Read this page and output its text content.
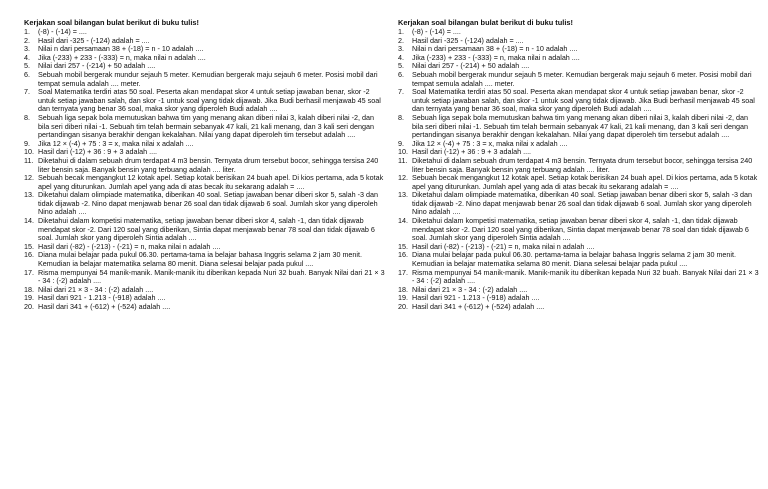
Kerjakan soal bilangan bulat berikut di buku tulis!
1.	(-8) - (-14) = ....
2.	Hasil dari -325 - (-124) adalah = ....
3.	Nilai n dari persamaan 38 + (-18) = n - 10 adalah ....
4.	Jika (-233) + 233 - (-333) = n, maka nilai n adalah ....
5.	Nilai dari 257 - (-214) + 50 adalah ....
6.	Sebuah mobil bergerak mundur sejauh 5 meter. Kemudian bergerak maju sejauh 6 meter. Posisi mobil dari tempat semula adalah .... meter.
7.	Soal Matematika terdiri atas 50 soal. Peserta akan mendapat skor 4 untuk setiap jawaban benar, skor -2 untuk setiap jawaban salah, dan skor -1 untuk soal yang tidak dijawab. Jika Budi berhasil menjawab 45 soal dan ternyata yang benar 36 soal, maka skor yang diperoleh Budi adalah ....
8.	Sebuah liga sepak bola memutuskan bahwa tim yang menang akan diberi nilai 3, kalah diberi nilai -2, dan bila seri diberi nilai -1. Sebuah tim telah bermain sebanyak 47 kali, 21 kali menang, dan 3 kali seri dengan pertandingan sisanya berakhir dengan kekalahan. Nilai yang dapat diperoleh tim tersebut adalah ....
9.	Jika 12 × (-4) + 75 : 3 = x, maka nilai x adalah ....
10. Hasil dari (-12) + 36 : 9 + 3 adalah ....
11. Diketahui di dalam sebuah drum terdapat 4 m3 bensin. Ternyata drum tersebut bocor, sehingga tersisa 240 liter bensin saja. Banyak bensin yang terbuang adalah .... liter.
12. Sebuah becak mengangkut 12 kotak apel. Setiap kotak berisikan 24 buah apel. Di kios pertama, ada 5 kotak apel yang diturunkan. Jumlah apel yang ada di atas becak itu sekarang adalah = ....
13. Diketahui dalam olimpiade matematika, diberikan 40 soal. Setiap jawaban benar diberi skor 5, salah -3 dan tidak dijawab -2. Nino dapat menjawab benar 26 soal dan tidak dijawab 6 soal. Jumlah skor yang diperoleh Nino adalah ....
14. Diketahui dalam kompetisi matematika, setiap jawaban benar diberi skor 4, salah -1, dan tidak dijawab mendapat skor -2. Dari 120 soal yang diberikan, Sintia dapat menjawab benar 78 soal dan tidak dijawab 6 soal. Jumlah skor yang diperoleh Sintia adalah ....
15. Hasil dari (-82) - (-213) - (-21) = n, maka nilai n adalah ....
16. Diana mulai belajar pada pukul 06.30. pertama-tama ia belajar bahasa Inggris selama 2 jam 30 menit. Kemudian ia belajar matematika selama 80 menit. Diana selesai belajar pada pukul ....
17. Risma mempunyai 54 manik-manik. Manik-manik itu diberikan kepada Nuri 32 buah. Banyak Nilai dari 21 × 3 - 34 : (-2) adalah ....
18. Nilai dari 21 × 3 - 34 : (-2) adalah ....
19. Hasil dari 921 - 1.213 - (-918) adalah ....
20. Hasil dari 341 + (-612) + (-524) adalah ....
Kerjakan soal bilangan bulat berikut di buku tulis!
1.	(-8) - (-14) = ....
2.	Hasil dari -325 - (-124) adalah = ....
3.	Nilai n dari persamaan 38 + (-18) = n - 10 adalah ....
4.	Jika (-233) + 233 - (-333) = n, maka nilai n adalah ....
5.	Nilai dari 257 - (-214) + 50 adalah ....
6.	Sebuah mobil bergerak mundur sejauh 5 meter. Kemudian bergerak maju sejauh 6 meter. Posisi mobil dari tempat semula adalah .... meter.
7.	Soal Matematika terdiri atas 50 soal. Peserta akan mendapat skor 4 untuk setiap jawaban benar, skor -2 untuk setiap jawaban salah, dan skor -1 untuk soal yang tidak dijawab. Jika Budi berhasil menjawab 45 soal dan ternyata yang benar 36 soal, maka skor yang diperoleh Budi adalah ....
8.	Sebuah liga sepak bola memutuskan bahwa tim yang menang akan diberi nilai 3, kalah diberi nilai -2, dan bila seri diberi nilai -1. Sebuah tim telah bermain sebanyak 47 kali, 21 kali menang, dan 3 kali seri dengan pertandingan sisanya berakhir dengan kekalahan. Nilai yang dapat diperoleh tim tersebut adalah ....
9.	Jika 12 × (-4) + 75 : 3 = x, maka nilai x adalah ....
10. Hasil dari (-12) + 36 : 9 + 3 adalah ....
11. Diketahui di dalam sebuah drum terdapat 4 m3 bensin. Ternyata drum tersebut bocor, sehingga tersisa 240 liter bensin saja. Banyak bensin yang terbuang adalah .... liter.
12. Sebuah becak mengangkut 12 kotak apel. Setiap kotak berisikan 24 buah apel. Di kios pertama, ada 5 kotak apel yang diturunkan. Jumlah apel yang ada di atas becak itu sekarang adalah = ....
13. Diketahui dalam olimpiade matematika, diberikan 40 soal. Setiap jawaban benar diberi skor 5, salah -3 dan tidak dijawab -2. Nino dapat menjawab benar 26 soal dan tidak dijawab 6 soal. Jumlah skor yang diperoleh Nino adalah ....
14. Diketahui dalam kompetisi matematika, setiap jawaban benar diberi skor 4, salah -1, dan tidak dijawab mendapat skor -2. Dari 120 soal yang diberikan, Sintia dapat menjawab benar 78 soal dan tidak dijawab 6 soal. Jumlah skor yang diperoleh Sintia adalah ....
15. Hasil dari (-82) - (-213) - (-21) = n, maka nilai n adalah ....
16. Diana mulai belajar pada pukul 06.30. pertama-tama ia belajar bahasa Inggris selama 2 jam 30 menit. Kemudian ia belajar matematika selama 80 menit. Diana selesai belajar pada pukul ....
17. Risma mempunyai 54 manik-manik. Manik-manik itu diberikan kepada Nuri 32 buah. Banyak Nilai dari 21 × 3 - 34 : (-2) adalah ....
18. Nilai dari 21 × 3 - 34 : (-2) adalah ....
19. Hasil dari 921 - 1.213 - (-918) adalah ....
20. Hasil dari 341 + (-612) + (-524) adalah ....
